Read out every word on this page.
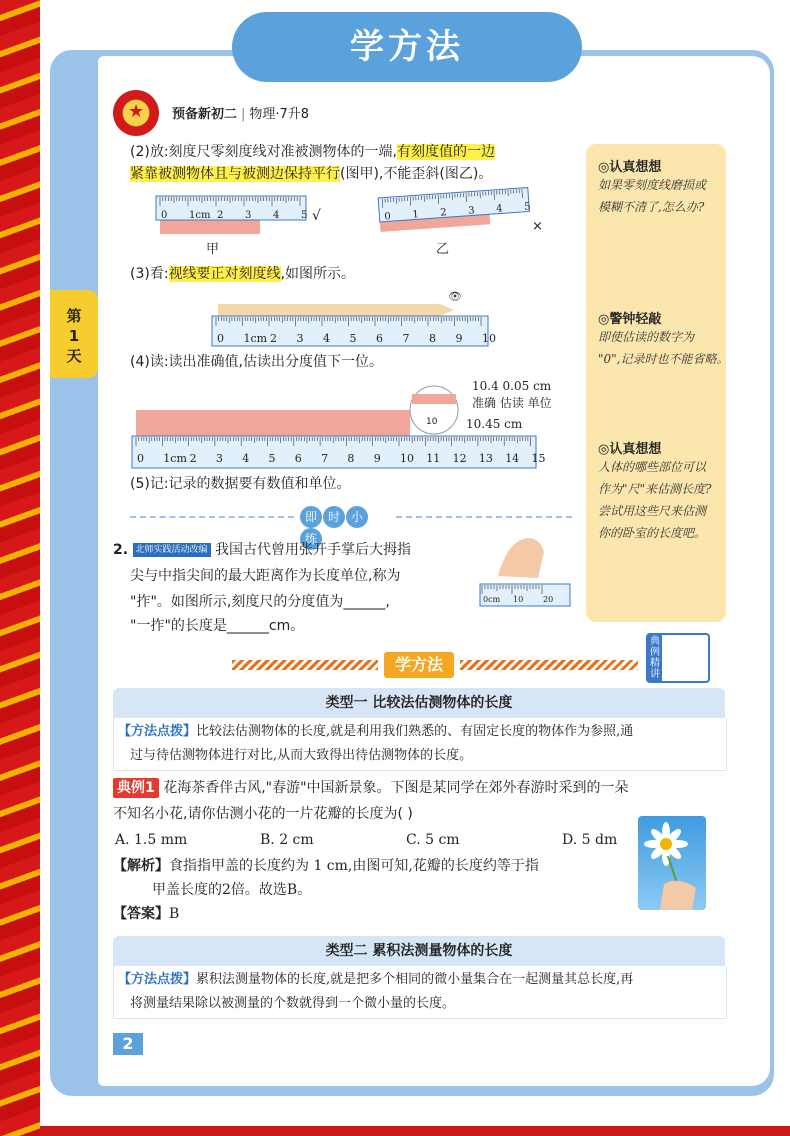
学方法
★ 预备新初二 | 物理·7升8
第
1
天
(2)放:刻度尺零刻度线对准被测物体的一端,有刻度值的一边
紧靠被测物体且与被测边保持平行(图甲),不能歪斜(图乙)。
0 1cm 2 3 4 5 √	0 1 2 3 4 5
×
甲	乙
(3)看:视线要正对刻度线,如图所示。
👁
0 1cm 2 3 4 5 6 7 8 9 10
(4)读:读出准确值,估读出分度值下一位。
10
0 1cm 2 3 4 5 6 7 8 9 10 11 12 13 14 15
10.4 0.05 cm
准确 估读 单位
10.45 cm
(5)记:记录的数据要有数值和单位。
◎认真想想
如果零刻度线磨损或
模糊不清了,怎么办?
◎警钟轻敲
即使估读的数字为
"0",记录时也不能省略。
◎认真想想
人体的哪些部位可以
作为"尺"来估测长度?
尝试用这些尺来估测
你的卧室的长度吧。
即 时 小练
2. 北师实践活动改编 我国古代曾用张开手掌后大拇指
尖与中指尖间的最大距离作为长度单位,称为
"拃"。如图所示,刻度尺的分度值为______,
"一拃"的长度是______cm。
0cm 10 20
学方法
典例精讲
类型一 比较法估测物体的长度
【方法点拨】比较法估测物体的长度,就是利用我们熟悉的、有固定长度的物体作为参照,通
过与待估测物体进行对比,从而大致得出待估测物体的长度。
典例1 花海茶香伴古风,"春游"中国新景象。下图是某同学在郊外春游时采到的一朵
不知名小花,请你估测小花的一片花瓣的长度为( )
A. 1.5 mm	B. 2 cm	C. 5 cm	D. 5 dm
【解析】食指指甲盖的长度约为 1 cm,由图可知,花瓣的长度约等于指
甲盖长度的2倍。故选B。
【答案】B
类型二 累积法测量物体的长度
【方法点拨】累积法测量物体的长度,就是把多个相同的微小量集合在一起测量其总长度,再
将测量结果除以被测量的个数就得到一个微小量的长度。
2
